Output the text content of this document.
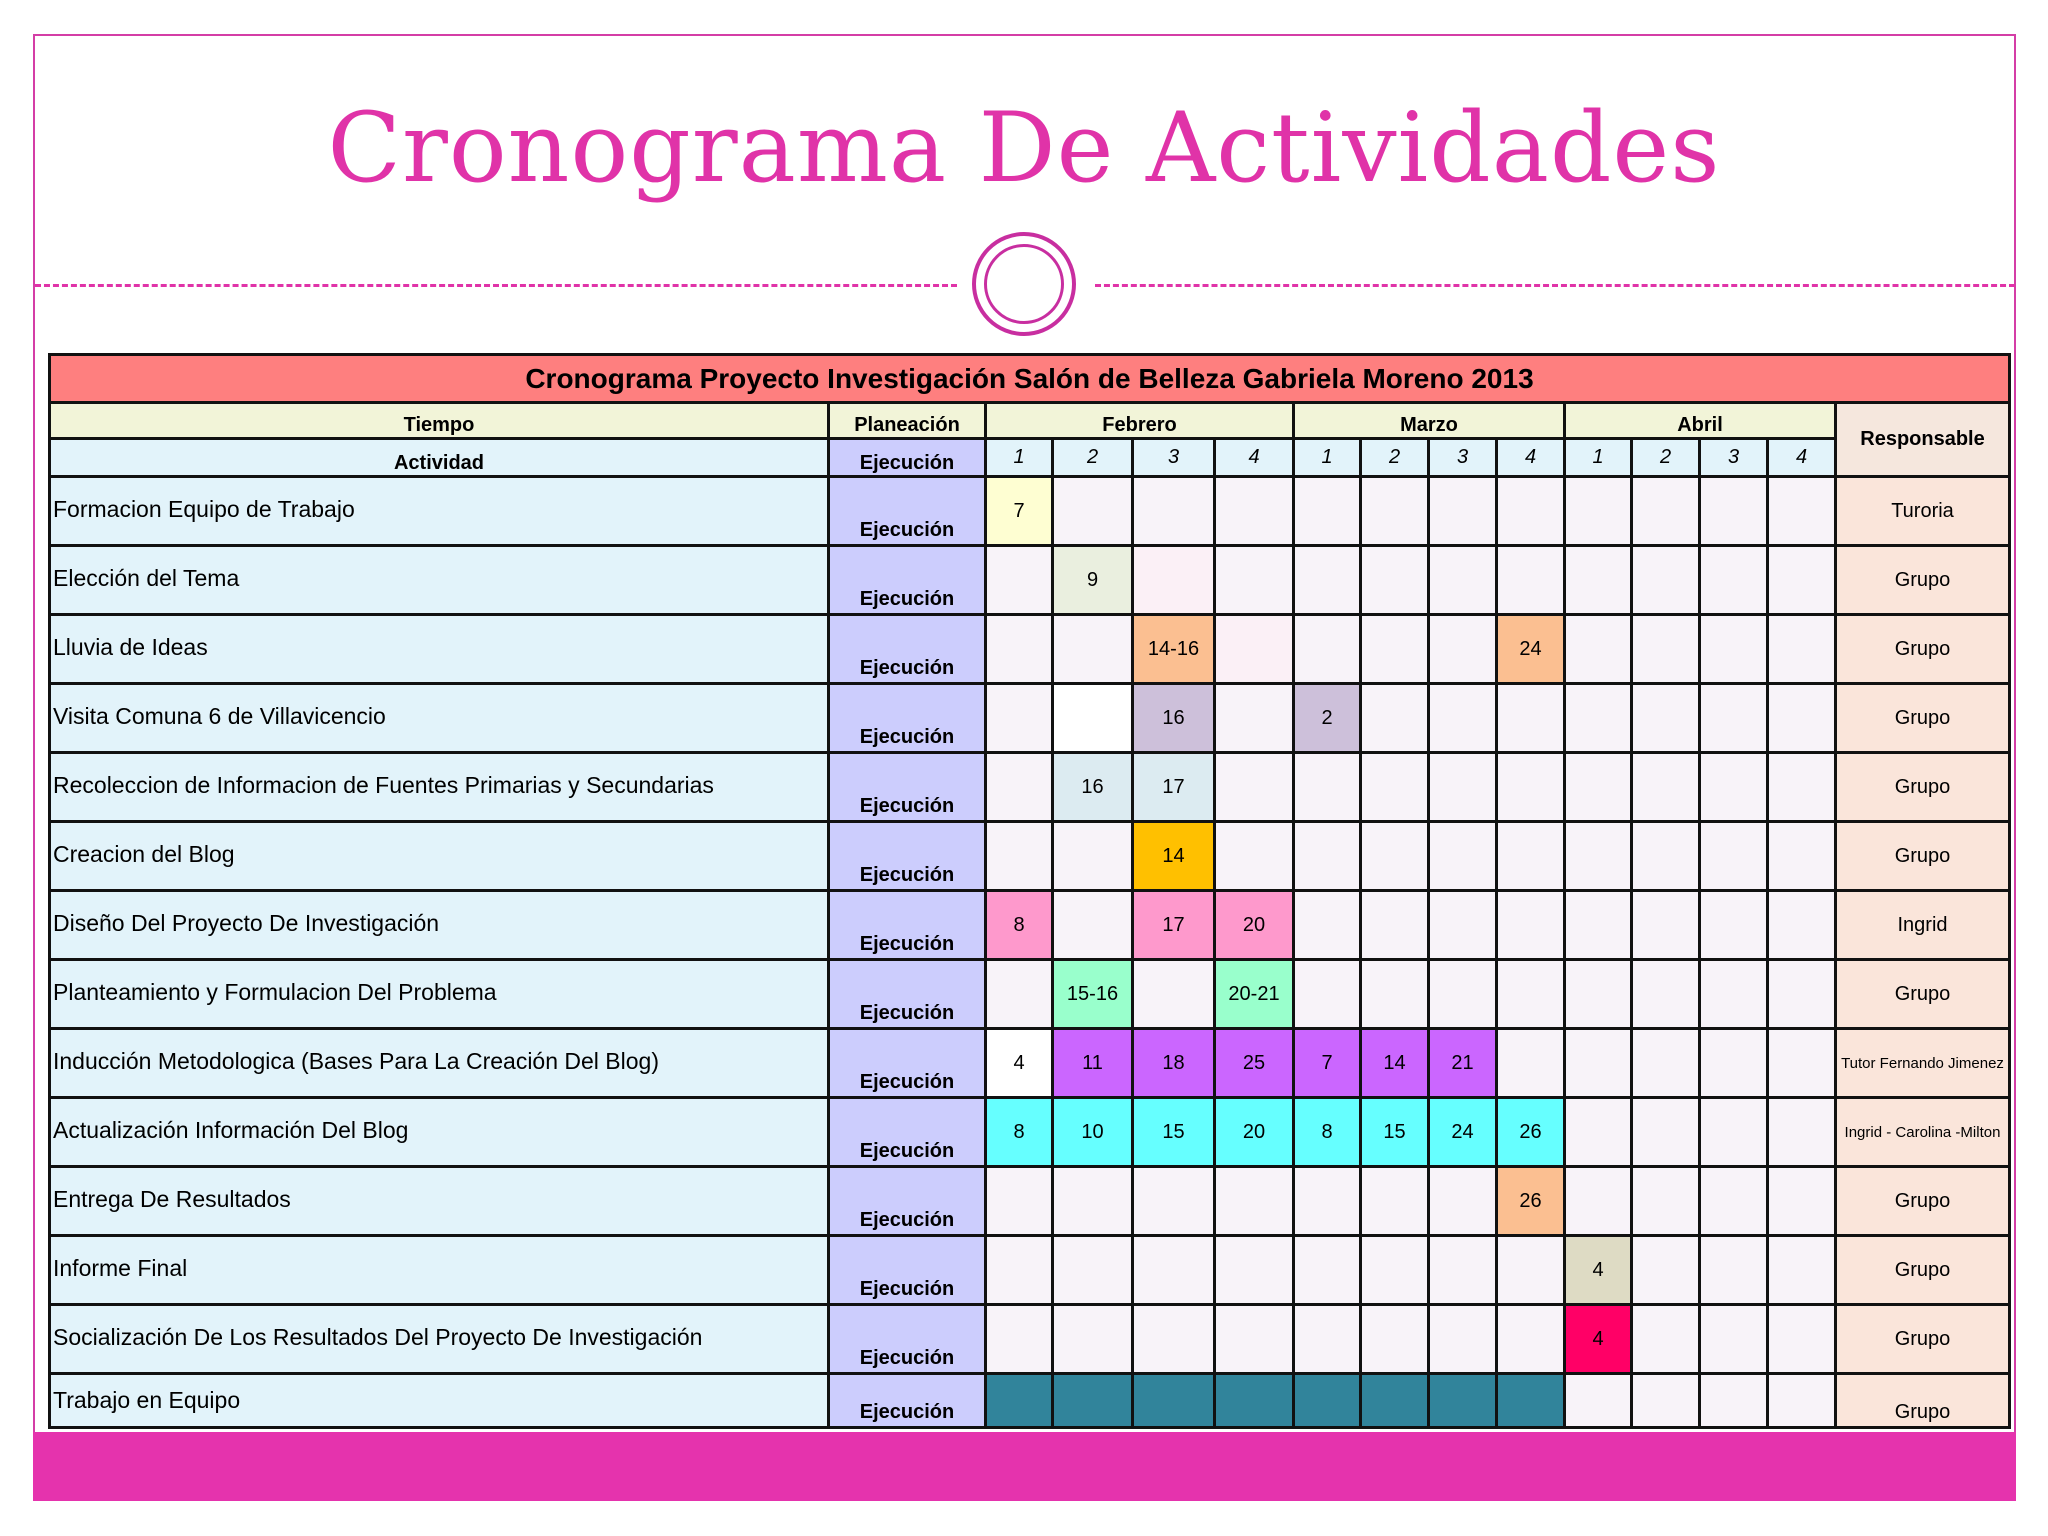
Cronograma De Actividades
Cronograma Proyecto Investigación Salón de Belleza Gabriela Moreno 2013														
Tiempo	Planeación	Febrero				Marzo				Abril				Responsable
Actividad	Ejecución	1	2	3	4	1	2	3	4	1	2	3	4	
Formacion Equipo de Trabajo	Ejecución	7												Turoria
Elección del Tema	Ejecución		9											Grupo
Lluvia de Ideas	Ejecución			14-16					24					Grupo
Visita Comuna 6 de Villavicencio	Ejecución			16		2								Grupo
Recoleccion de Informacion de Fuentes Primarias y Secundarias	Ejecución		16	17										Grupo
Creacion del Blog	Ejecución			14										Grupo
Diseño Del Proyecto De Investigación	Ejecución	8		17	20									Ingrid
Planteamiento y Formulacion Del Problema	Ejecución		15-16		20-21									Grupo
Inducción Metodologica (Bases Para La Creación Del Blog)	Ejecución	4	11	18	25	7	14	21						Tutor Fernando Jimenez
Actualización Información Del Blog	Ejecución	8	10	15	20	8	15	24	26					Ingrid - Carolina -Milton
Entrega De Resultados	Ejecución								26					Grupo
Informe Final	Ejecución									4				Grupo
Socialización De Los Resultados Del Proyecto De Investigación	Ejecución									4				Grupo
Trabajo en Equipo	Ejecución													Grupo
